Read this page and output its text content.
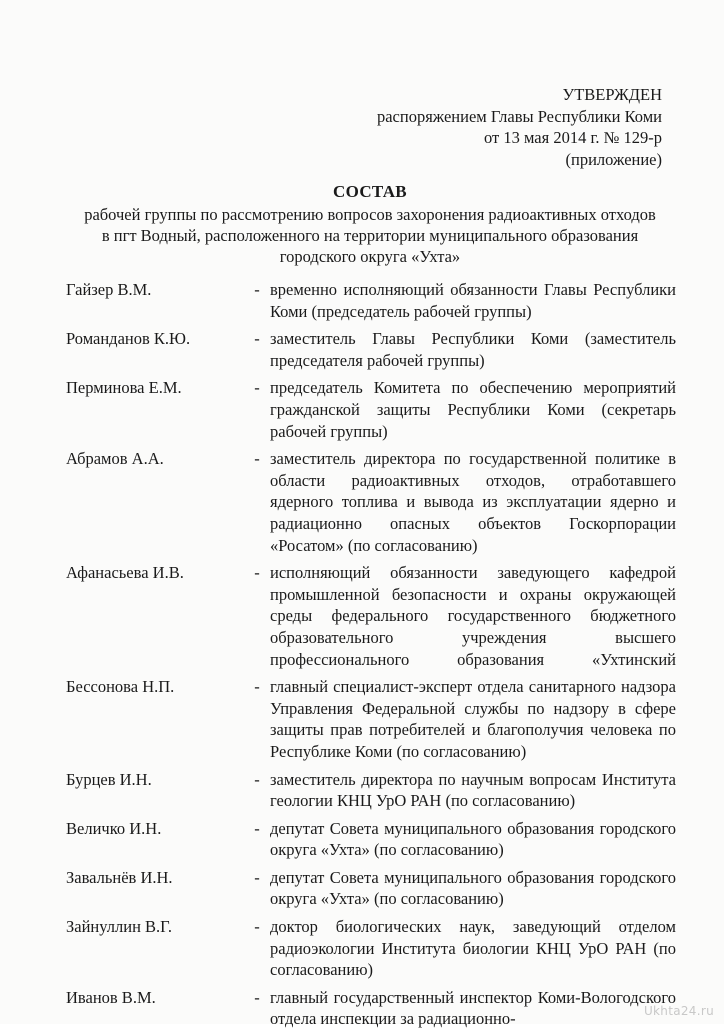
УТВЕРЖДЕН
распоряжением Главы Республики Коми
от 13 мая 2014 г. № 129-р
(приложение)
СОСТАВ
рабочей группы по рассмотрению вопросов захоронения радиоактивных отходов в пгт Водный, расположенного на территории муниципального образования городского округа «Ухта»
Гайзер В.М.	- временно исполняющий обязанности Главы Республики Коми (председатель рабочей группы)
Романданов К.Ю.	- заместитель Главы Республики Коми (заместитель председателя рабочей группы)
Перминова Е.М.	- председатель Комитета по обеспечению мероприятий гражданской защиты Республики Коми (секретарь рабочей группы)
Абрамов А.А.	- заместитель директора по государственной политике в области радиоактивных отходов, отработавшего ядерного топлива и вывода из эксплуатации ядерно и радиационно опасных объектов Госкорпорации «Росатом» (по согласованию)
Афанасьева И.В.	- исполняющий обязанности заведующего кафедрой промышленной безопасности и охраны окружающей среды федерального государственного бюджетного образовательного учреждения высшего профессионального образования «Ухтинский
Бессонова Н.П.	- главный специалист-эксперт отдела санитарного надзора Управления Федеральной службы по надзору в сфере защиты прав потребителей и благополучия человека по Республике Коми (по согласованию)
Бурцев И.Н.	- заместитель директора по научным вопросам Института геологии КНЦ УрО РАН (по согласованию)
Величко И.Н.	- депутат Совета муниципального образования городского округа «Ухта» (по согласованию)
Завальнёв И.Н.	- депутат Совета муниципального образования городского округа «Ухта» (по согласованию)
Зайнуллин В.Г.	- доктор биологических наук, заведующий отделом радиоэкологии Института биологии КНЦ УрО РАН (по согласованию)
Иванов В.М.	- главный государственный инспектор Коми-Вологодского отдела инспекции за радиационно-	Ukhta24.ru
